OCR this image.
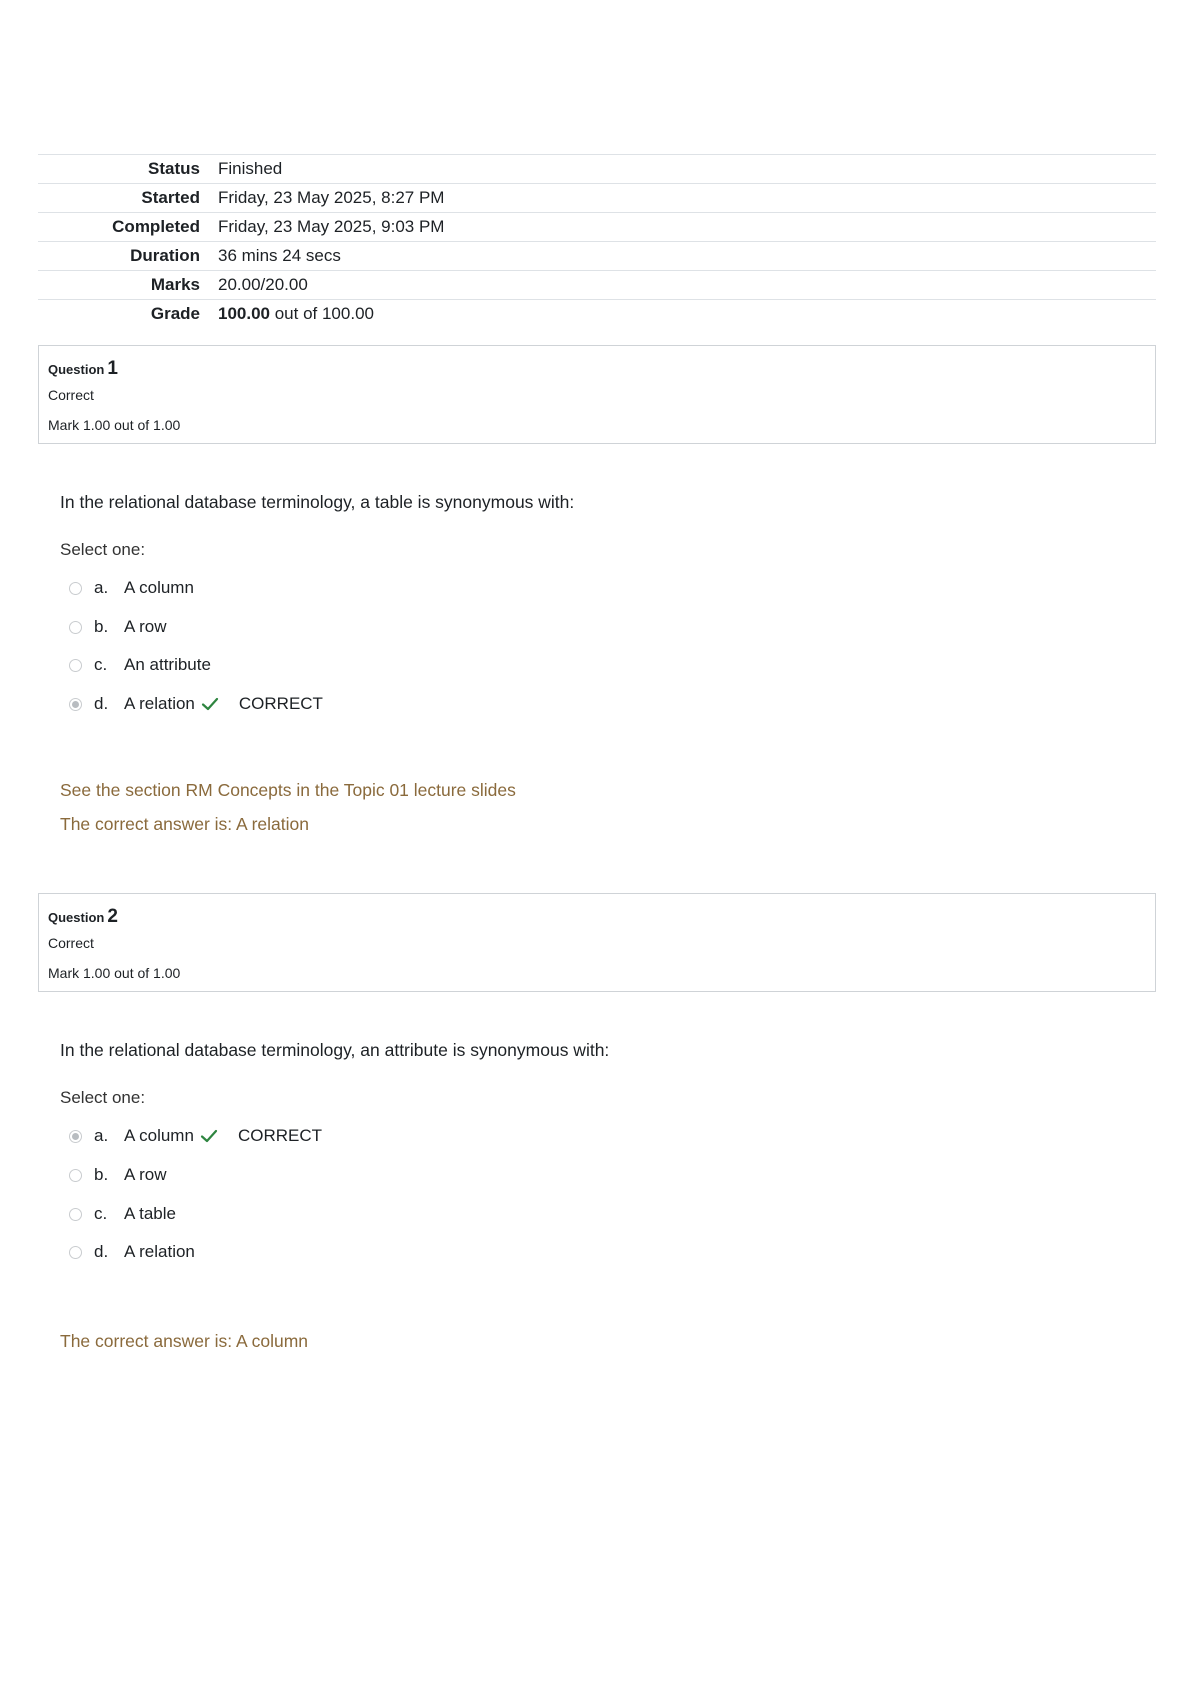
Status	Finished
Started	Friday, 23 May 2025, 8:27 PM
Completed	Friday, 23 May 2025, 9:03 PM
Duration	36 mins 24 secs
Marks	20.00/20.00
Grade	100.00 out of 100.00
Question 1
Correct
Mark 1.00 out of 1.00
In the relational database terminology, a table is synonymous with:
Select one:
a. A column
b. A row
c. An attribute
d. A relation	CORRECT
See the section RM Concepts in the Topic 01 lecture slides
The correct answer is: A relation
Question 2
Correct
Mark 1.00 out of 1.00
In the relational database terminology, an attribute is synonymous with:
Select one:
a. A column	CORRECT
b. A row
c. A table
d. A relation
The correct answer is: A column
